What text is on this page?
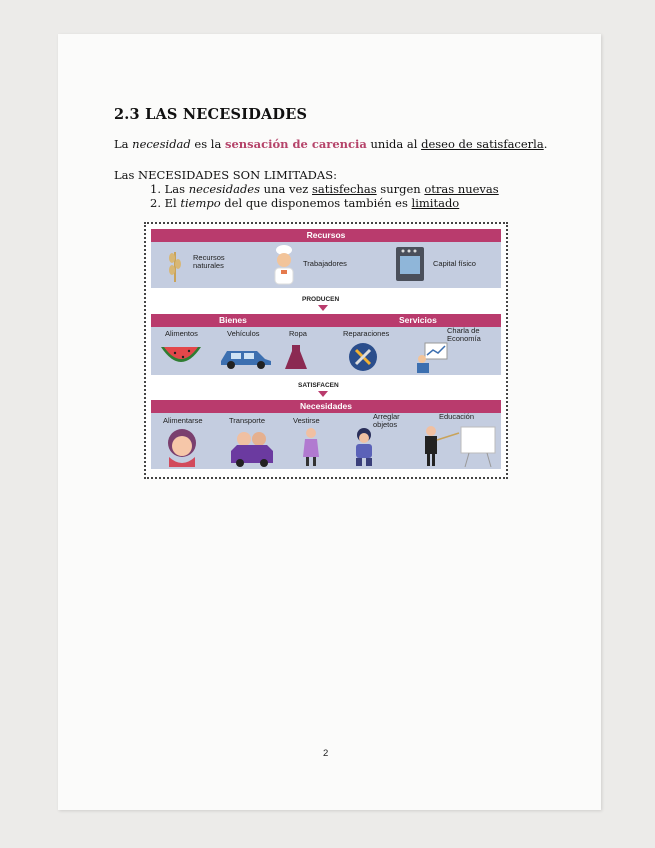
2.3 LAS NECESIDADES
La necesidad es la sensación de carencia unida al deseo de satisfacerla.
Las NECESIDADES SON LIMITADAS:
1. Las necesidades una vez satisfechas surgen otras nuevas
2. El tiempo del que disponemos también es limitado
Recursos
Recursos naturales	Trabajadores	Capital físico
PRODUCEN
Bienes	Servicios
Alimentos	Vehículos	Ropa	Reparaciones	Charla de Economía
SATISFACEN
Necesidades
Alimentarse	Transporte	Vestirse	Arreglar objetos
Educación
2
